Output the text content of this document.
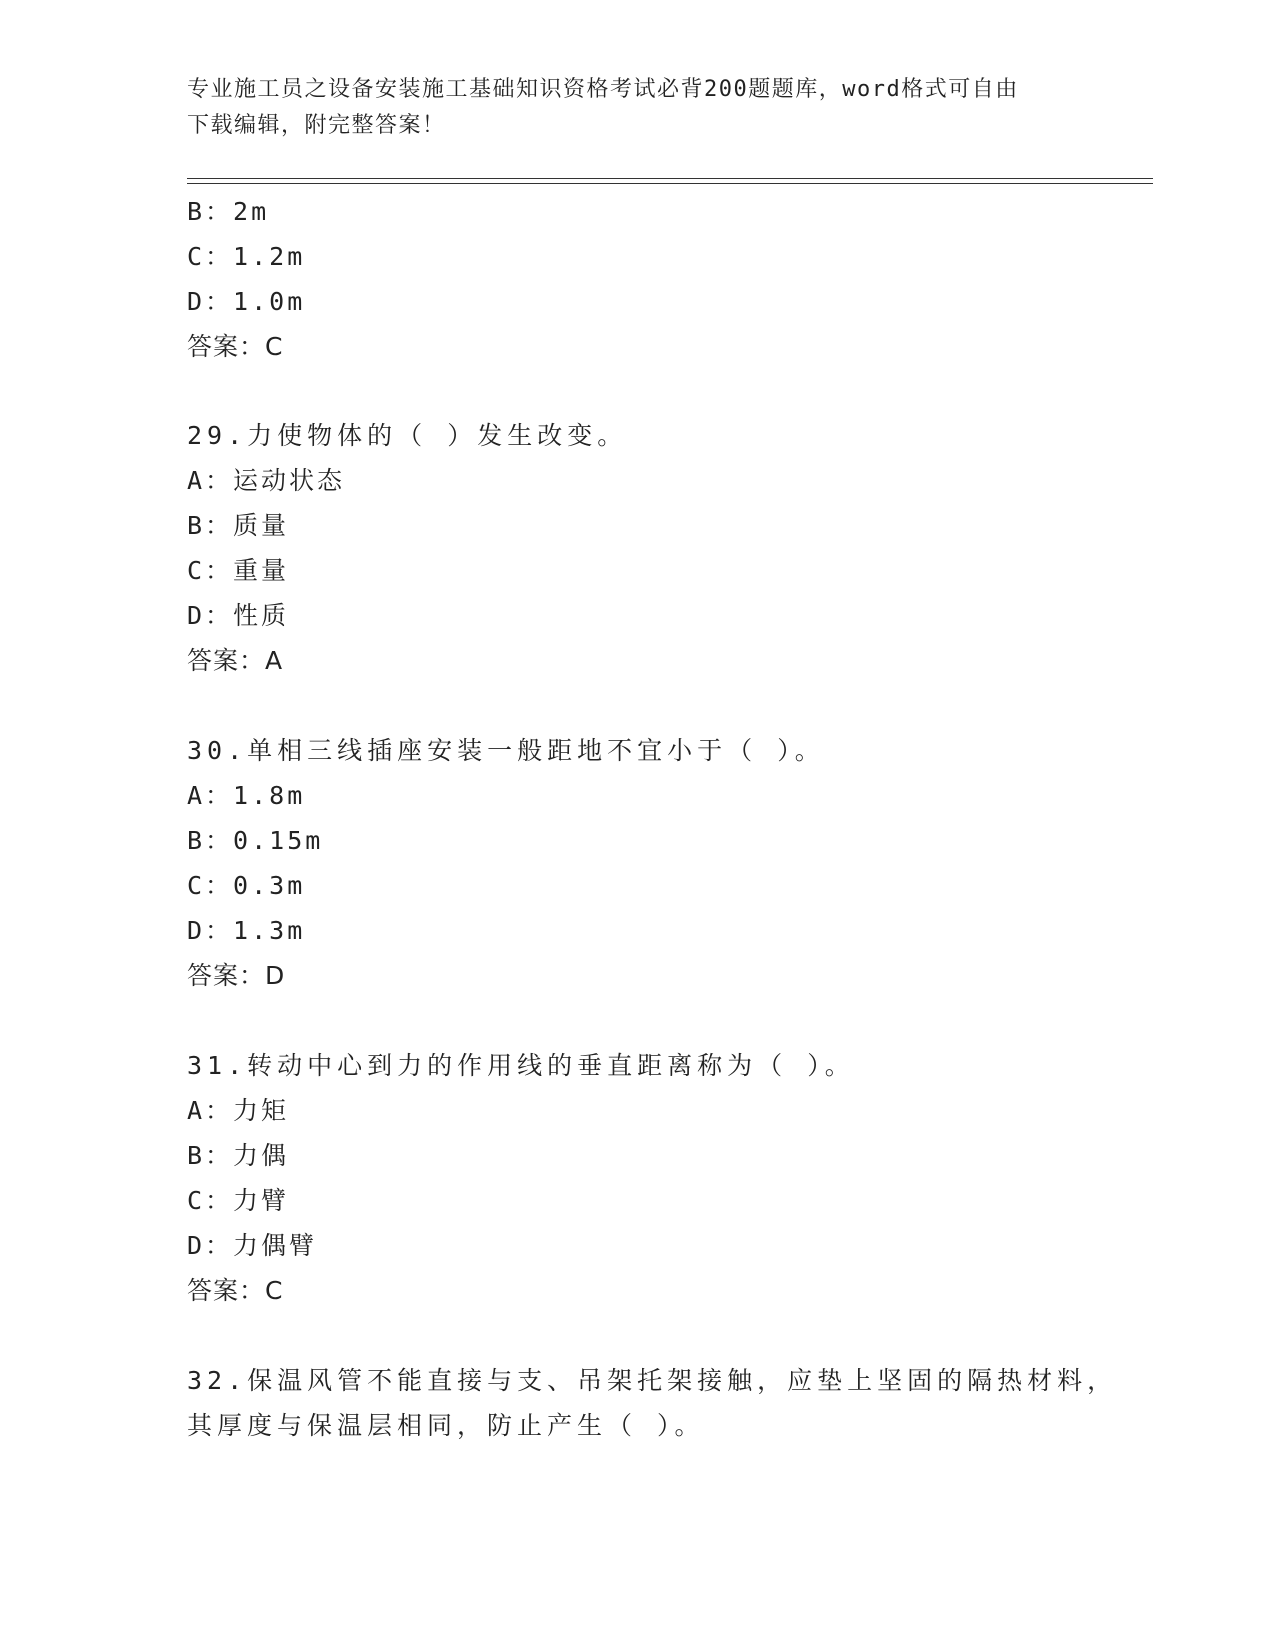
专业施工员之设备安装施工基础知识资格考试必背200题题库，word格式可自由
下载编辑，附完整答案！
B：2m
C：1.2m
D：1.0m
答案：C
29.力使物体的（ ）发生改变。
A：运动状态
B：质量
C：重量
D：性质
答案：A
30.单相三线插座安装一般距地不宜小于（ ）。
A：1.8m
B：0.15m
C：0.3m
D：1.3m
答案：D
31.转动中心到力的作用线的垂直距离称为（ ）。
A：力矩
B：力偶
C：力臂
D：力偶臂
答案：C
32.保温风管不能直接与支、吊架托架接触，应垫上坚固的隔热材料，
其厚度与保温层相同，防止产生（ ）。
